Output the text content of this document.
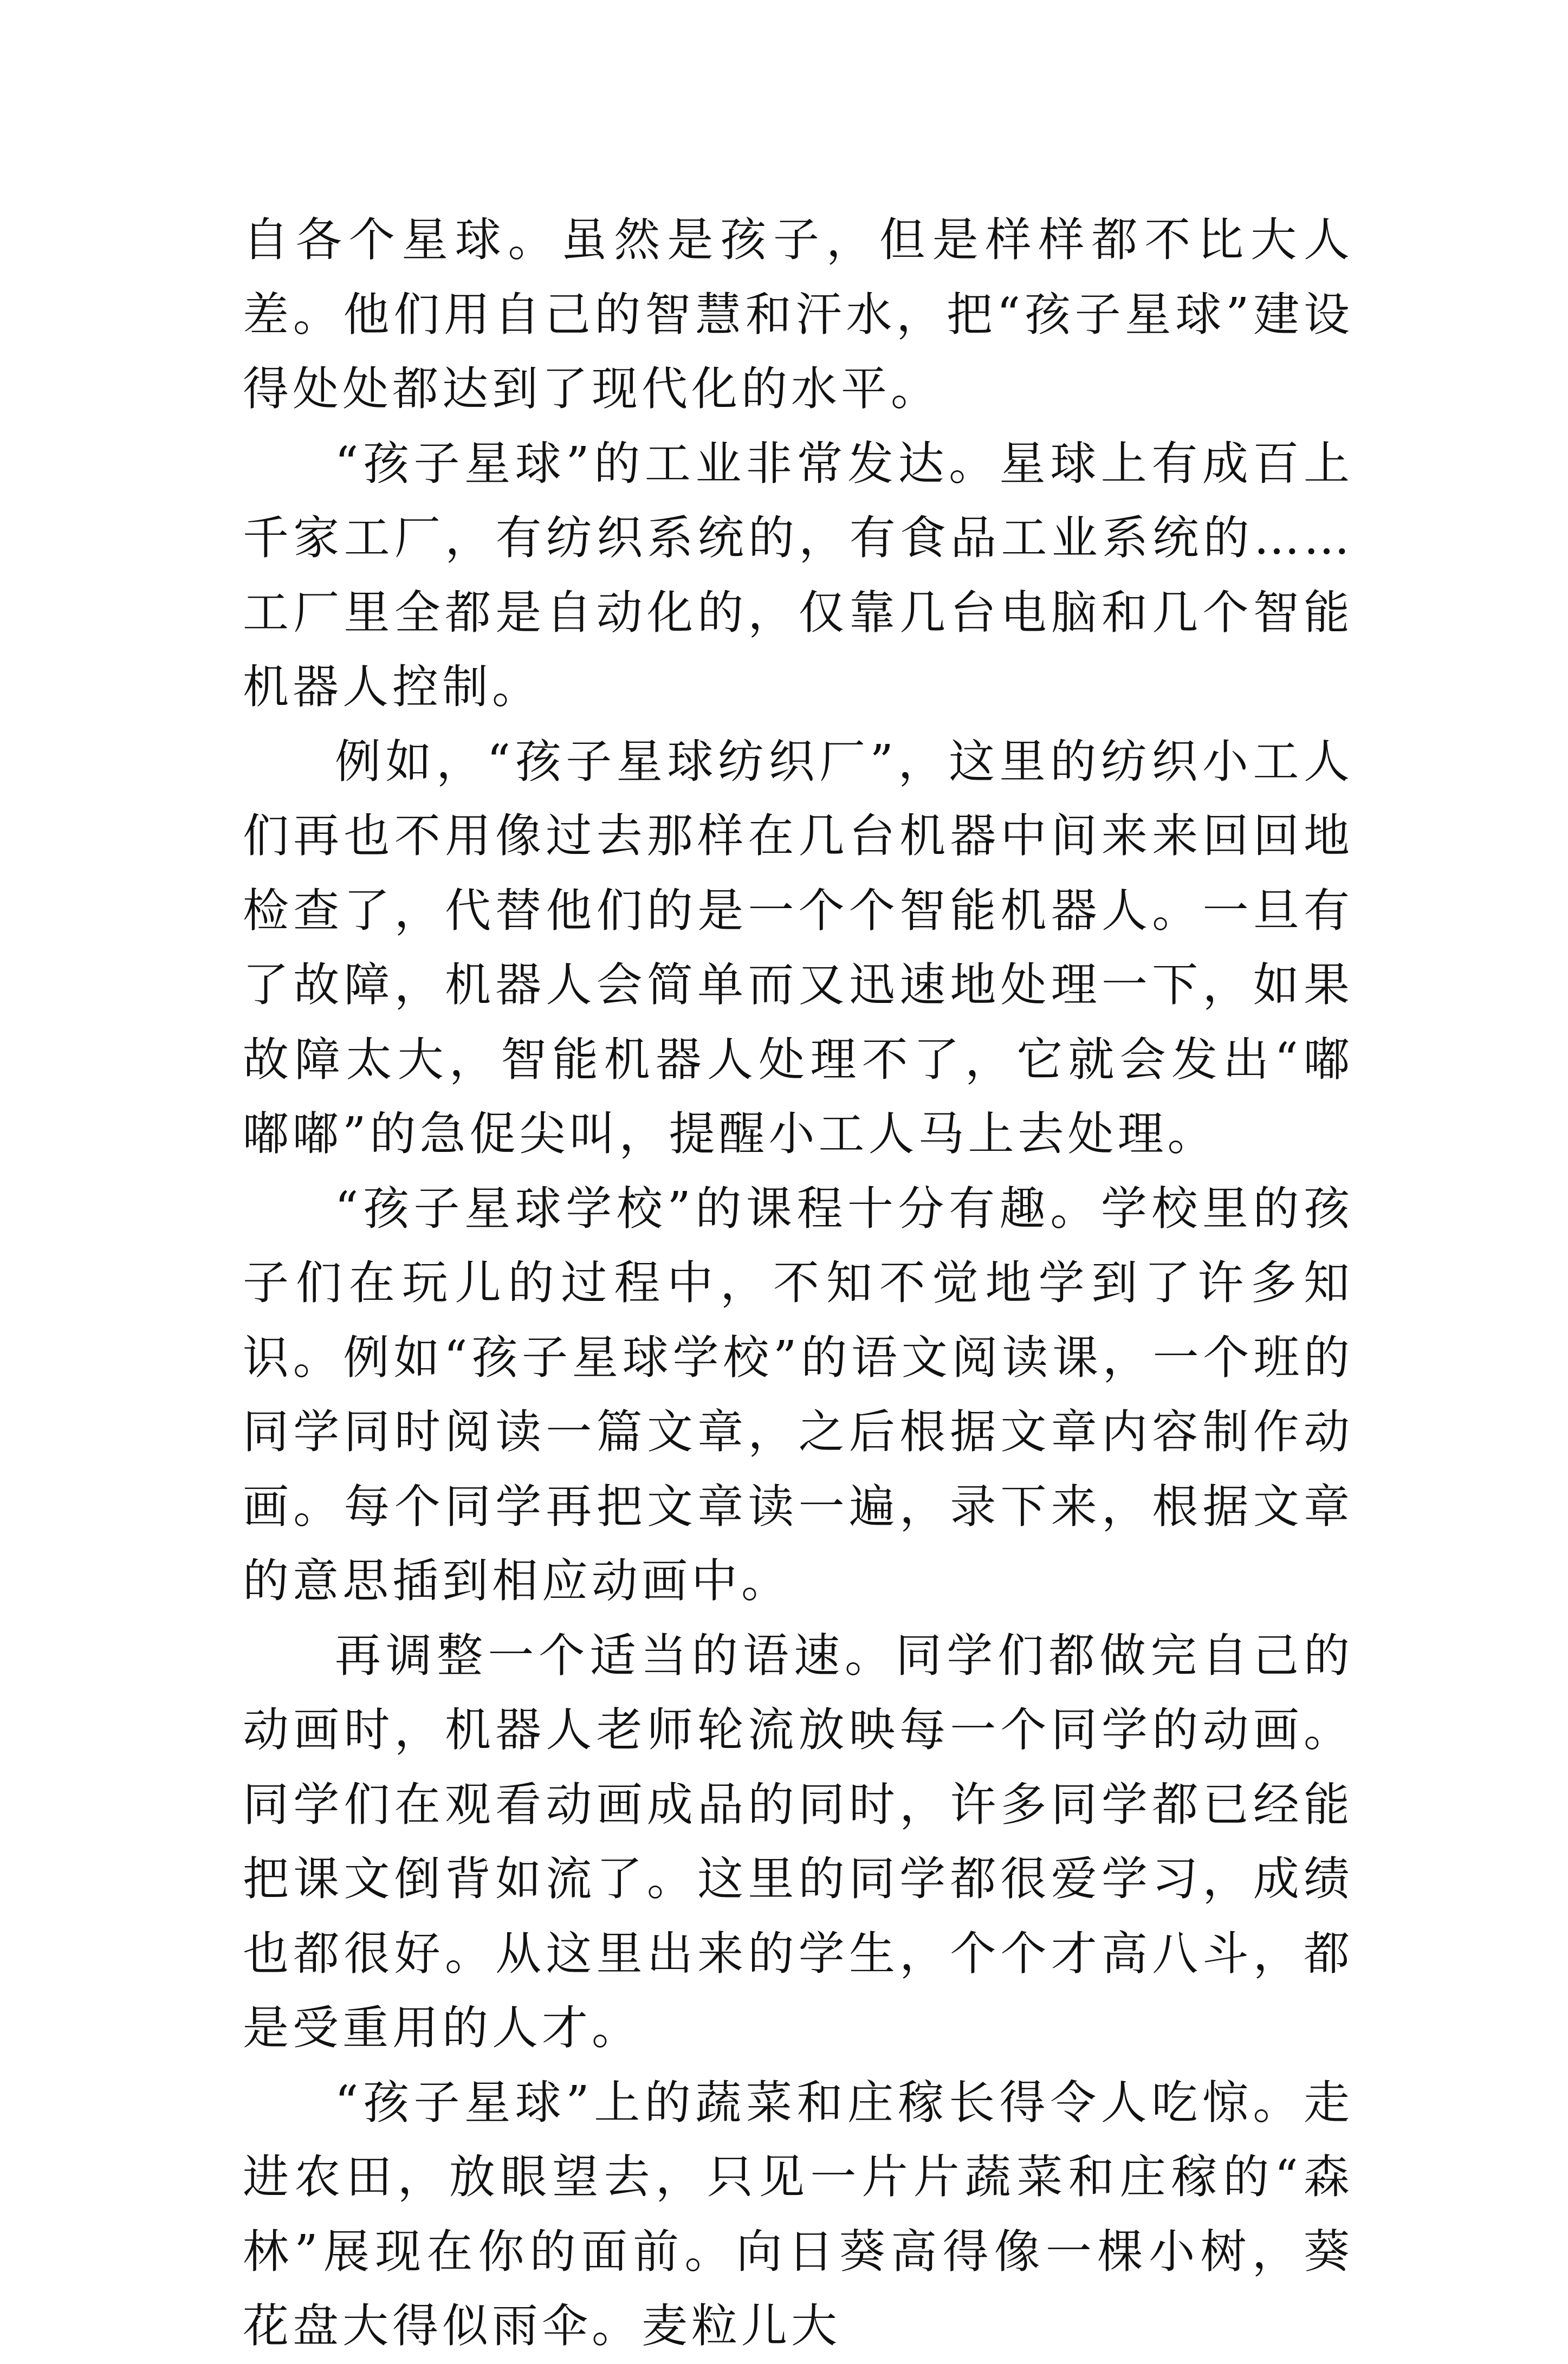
自各个星球。虽然是孩子，但是样样都不比大人差。他们用自己的智慧和汗水，把“孩子星球”建设得处处都达到了现代化的水平。

“孩子星球”的工业非常发达。星球上有成百上千家工厂，有纺织系统的，有食品工业系统的……工厂里全都是自动化的，仅靠几台电脑和几个智能机器人控制。

例如，“孩子星球纺织厂”，这里的纺织小工人们再也不用像过去那样在几台机器中间来来回回地检查了，代替他们的是一个个智能机器人。一旦有了故障，机器人会简单而又迅速地处理一下，如果故障太大，智能机器人处理不了，它就会发出“嘟嘟嘟”的急促尖叫，提醒小工人马上去处理。

“孩子星球学校”的课程十分有趣。学校里的孩子们在玩儿的过程中，不知不觉地学到了许多知识。例如“孩子星球学校”的语文阅读课，一个班的同学同时阅读一篇文章，之后根据文章内容制作动画。每个同学再把文章读一遍，录下来，根据文章的意思插到相应动画中。

再调整一个适当的语速。同学们都做完自己的动画时，机器人老师轮流放映每一个同学的动画。同学们在观看动画成品的同时，许多同学都已经能把课文倒背如流了。这里的同学都很爱学习，成绩也都很好。从这里出来的学生，个个才高八斗，都是受重用的人才。

“孩子星球”上的蔬菜和庄稼长得令人吃惊。走进农田，放眼望去，只见一片片蔬菜和庄稼的“森林”展现在你的面前。向日葵高得像一棵小树，葵花盘大得似雨伞。麦粒儿大
